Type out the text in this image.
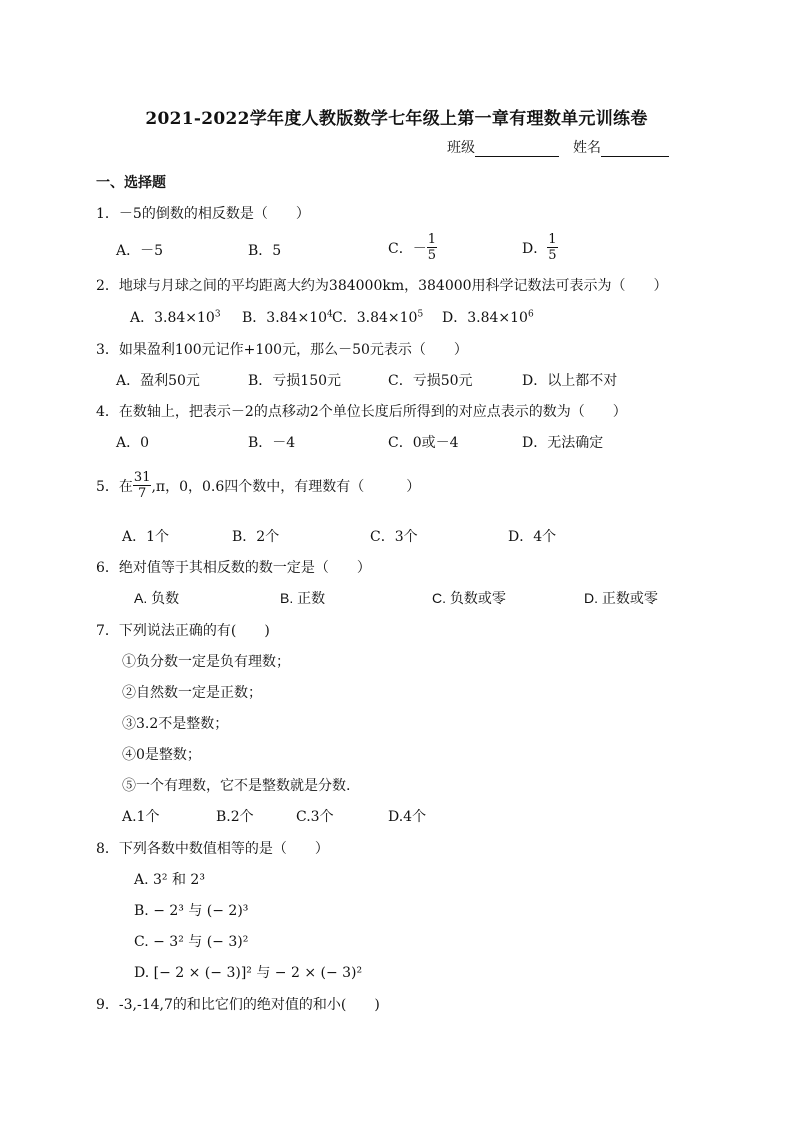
2021-2022学年度人教版数学七年级上第一章有理数单元训练卷
班级	姓名
一、选择题
1．－5的倒数的相反数是（　　）
A．－5	B．5	C．－ $\frac{1}{5}$	D． $\frac{1}{5}$
2．地球与月球之间的平均距离大约为384000km，384000用科学记数法可表示为（　　）
A．$3.84\times 10^3$ B．$3.84\times 10^4$ C．$3.84\times 10^5$ D．$3.84\times 10^6$
3．如果盈利100元记作+100元，那么－50元表示（　　）
A．盈利50元	B．亏损150元	C．亏损50元	D．以上都不对
4．在数轴上，把表示－2的点移动2个单位长度后所得到的对应点表示的数为（　　）
A．0	B．－4	C．0或－4	D．无法确定
5．在 $\frac{31}{7} ,\pi$，0，0.6四个数中，有理数有（　　　）
A．1个	B．2个	C．3个	D．4个
6．绝对值等于其相反数的数一定是（　　）
A. 负数	B. 正数	C. 负数或零	D. 正数或零
7．下列说法正确的有(　　)
①负分数一定是负有理数；
②自然数一定是正数；
③3.2不是整数；
④0是整数；
⑤一个有理数，它不是整数就是分数.
A.1个	B.2个	C.3个	D.4个
8．下列各数中数值相等的是（　　）
A. 3² 和 2³
B. − 2³ 与 (− 2)³
C. − 3² 与 (− 3)²
D. [− 2 × (− 3)]² 与 − 2 × (− 3)²
9．-3,-14,7的和比它们的绝对值的和小(　　)
